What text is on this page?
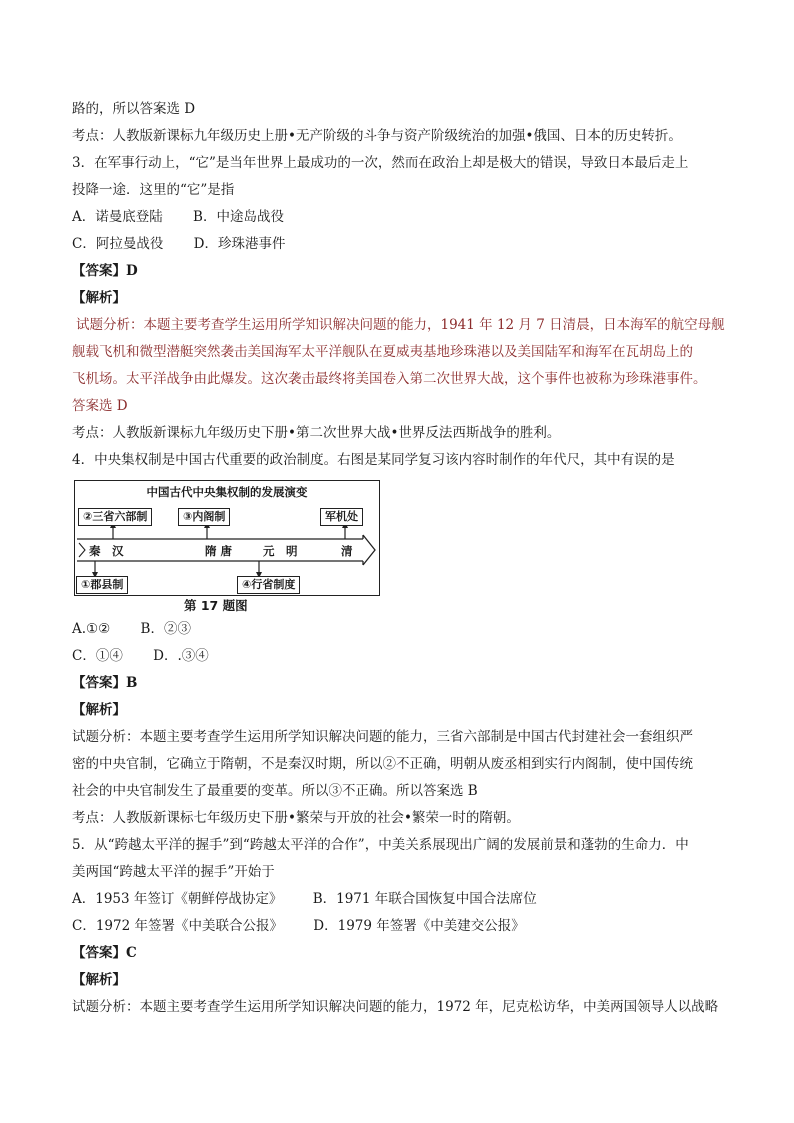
路的，所以答案选 D
考点：人教版新课标九年级历史上册•无产阶级的斗争与资产阶级统治的加强•俄国、日本的历史转折。
3．在军事行动上，“它”是当年世界上最成功的一次，然而在政治上却是极大的错误，导致日本最后走上
投降一途．这里的“它”是指
A．诺曼底登陆 B．中途岛战役
C．阿拉曼战役 D．珍珠港事件
【答案】D
【解析】
试题分析：本题主要考查学生运用所学知识解决问题的能力，1941 年 12 月 7 日清晨，日本海军的航空母舰
舰载飞机和微型潜艇突然袭击美国海军太平洋舰队在夏威夷基地珍珠港以及美国陆军和海军在瓦胡岛上的
飞机场。太平洋战争由此爆发。这次袭击最终将美国卷入第二次世界大战，这个事件也被称为珍珠港事件。
答案选 D
考点：人教版新课标九年级历史下册•第二次世界大战•世界反法西斯战争的胜利。
4．中央集权制是中国古代重要的政治制度。右图是某同学复习该内容时制作的年代尺，其中有误的是
中国古代中央集权制的发展演变
②三省六部制	③内阁制	军机处
秦　汉	隋 唐	元　明	清
①郡县制	④行省制度
第 17 题图
A.①② B．②③
C．①④ D．.③④
【答案】B
【解析】
试题分析：本题主要考查学生运用所学知识解决问题的能力，三省六部制是中国古代封建社会一套组织严
密的中央官制，它确立于隋朝，不是秦汉时期，所以②不正确，明朝从废丞相到实行内阁制，使中国传统
社会的中央官制发生了最重要的变革。所以③不正确。所以答案选 B
考点：人教版新课标七年级历史下册•繁荣与开放的社会•繁荣一时的隋朝。
5．从“跨越太平洋的握手”到“跨越太平洋的合作”，中美关系展现出广阔的发展前景和蓬勃的生命力．中
美两国“跨越太平洋的握手”开始于
A．1953 年签订《朝鲜停战协定》 B．1971 年联合国恢复中国合法席位
C．1972 年签署《中美联合公报》 D．1979 年签署《中美建交公报》
【答案】C
【解析】
试题分析：本题主要考查学生运用所学知识解决问题的能力，1972 年，尼克松访华，中美两国领导人以战略
